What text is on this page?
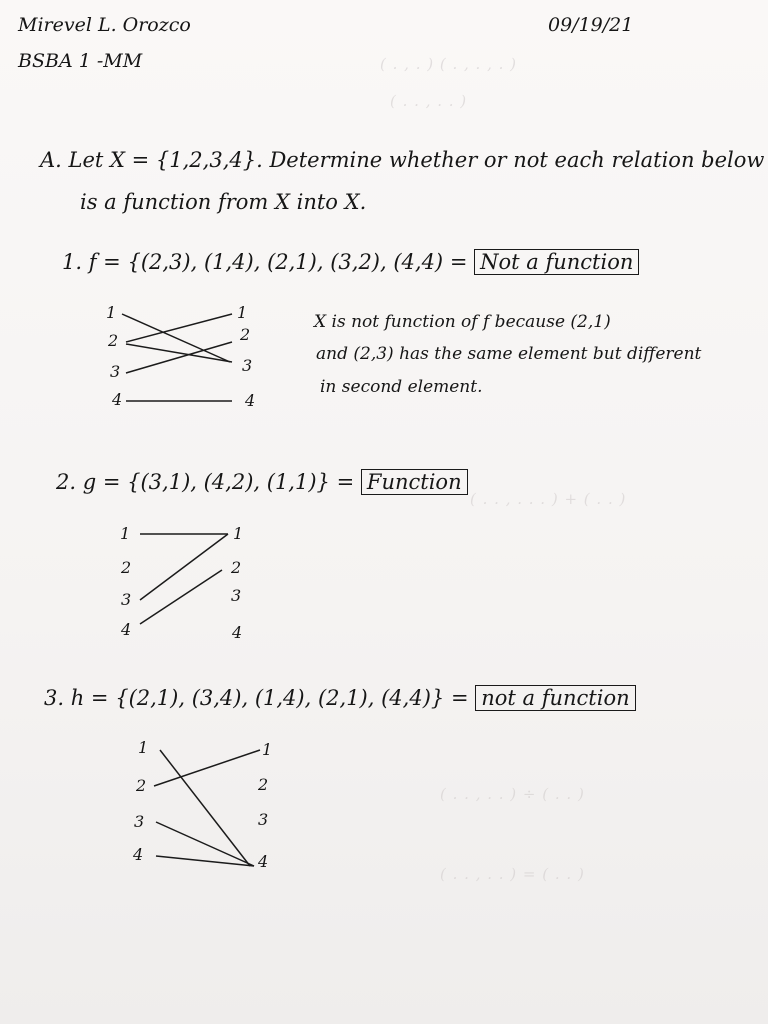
( . , . ) ( . , . , . )
( . . , . . )
( . . , . . . ) + ( . . )
( . . , . . ) ÷ ( . . )
( . . , . . ) = ( . . )
Mirevel L. Orozco
BSBA 1 -MM
09/19/21
A. Let X = {1,2,3,4}. Determine whether or not each relation below
is a function from X into X.
1. f = {(2,3), (1,4), (2,1), (3,2), (4,4) = Not a function
1
2
3
4
1
2
3
4
X is not function of f because (2,1)
and (2,3) has the same element but different
in second element.
2. g = {(3,1), (4,2), (1,1)} = Function
1
2
3
4
1
2
3
4
3. h = {(2,1), (3,4), (1,4), (2,1), (4,4)} = not a function
1
2
3
4
1
2
3
4
